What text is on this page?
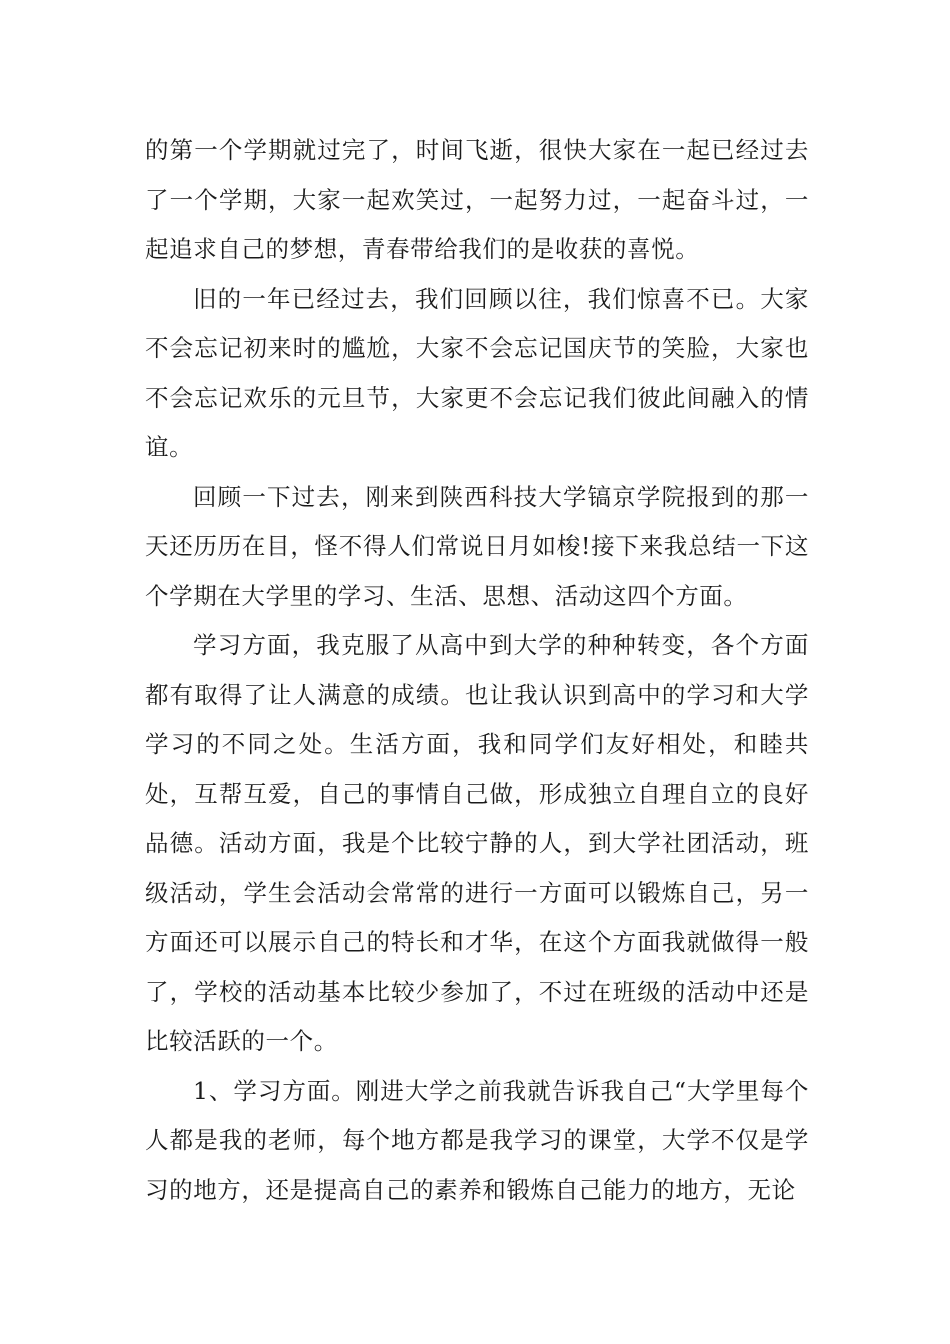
的第一个学期就过完了，时间飞逝，很快大家在一起已经过去了一个学期，大家一起欢笑过，一起努力过，一起奋斗过，一起追求自己的梦想，青春带给我们的是收获的喜悦。

旧的一年已经过去，我们回顾以往，我们惊喜不已。大家不会忘记初来时的尴尬，大家不会忘记国庆节的笑脸，大家也不会忘记欢乐的元旦节，大家更不会忘记我们彼此间融入的情谊。

回顾一下过去，刚来到陕西科技大学镐京学院报到的那一天还历历在目，怪不得人们常说日月如梭!接下来我总结一下这个学期在大学里的学习、生活、思想、活动这四个方面。

学习方面，我克服了从高中到大学的种种转变，各个方面都有取得了让人满意的成绩。也让我认识到高中的学习和大学学习的不同之处。生活方面，我和同学们友好相处，和睦共处，互帮互爱，自己的事情自己做，形成独立自理自立的良好品德。活动方面，我是个比较宁静的人，到大学社团活动，班级活动，学生会活动会常常的进行一方面可以锻炼自己，另一方面还可以展示自己的特长和才华，在这个方面我就做得一般了，学校的活动基本比较少参加了，不过在班级的活动中还是比较活跃的一个。

1、学习方面。刚进大学之前我就告诉我自己“大学里每个人都是我的老师，每个地方都是我学习的课堂，大学不仅是学习的地方，还是提高自己的素养和锻炼自己能力的地方，无论
